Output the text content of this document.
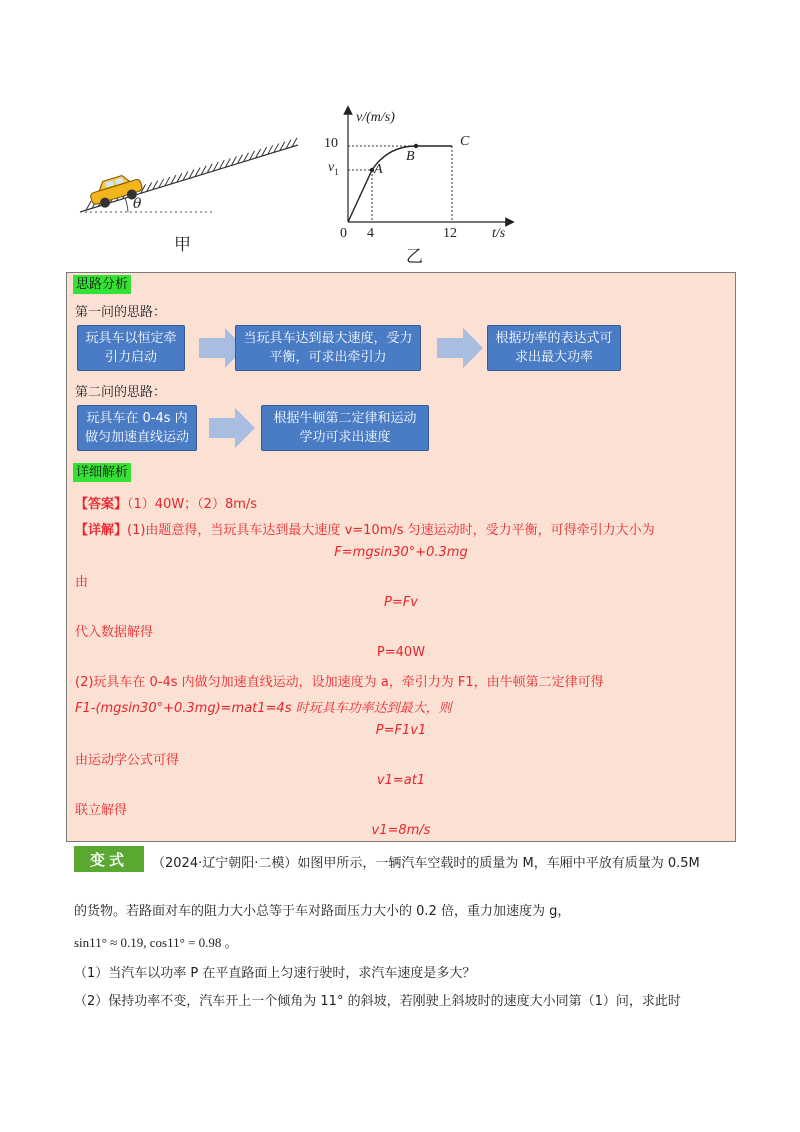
θ
甲
v/(m/s)
10
$v_1$	A
B
C
0 4	12	t/s
乙
思路分析
第一问的思路：
玩具车以恒定牵引力启动
当玩具车达到最大速度，受力平衡，可求出牵引力
根据功率的表达式可求出最大功率
第二问的思路：
玩具车在 0-4s 内做匀加速直线运动
根据牛顿第二定律和运动学功可求出速度
详细解析
【答案】（1）40W；（2）8m/s
【详解】(1)由题意得，当玩具车达到最大速度 v=10m/s 匀速运动时，受力平衡，可得牵引力大小为
F=mgsin30°+0.3mg
由
P=Fv
代入数据解得
P=40W
(2)玩具车在 0-4s 内做匀加速直线运动，设加速度为 a，牵引力为 F1，由牛顿第二定律可得
F1-(mgsin30°+0.3mg)=mat1=4s 时玩具车功率达到最大，则
P=F1v1
由运动学公式可得
v1=at1
联立解得
v1=8m/s
变式 （2024·辽宁朝阳·二模）如图甲所示，一辆汽车空载时的质量为 M，车厢中平放有质量为 0.5M
的货物。若路面对车的阻力大小总等于车对路面压力大小的 0.2 倍，重力加速度为 g，
sin11° ≈ 0.19, cos11° = 0.98 。
（1）当汽车以功率 P 在平直路面上匀速行驶时，求汽车速度是多大？
（2）保持功率不变，汽车开上一个倾角为 11° 的斜坡，若刚驶上斜坡时的速度大小同第（1）问，求此时
